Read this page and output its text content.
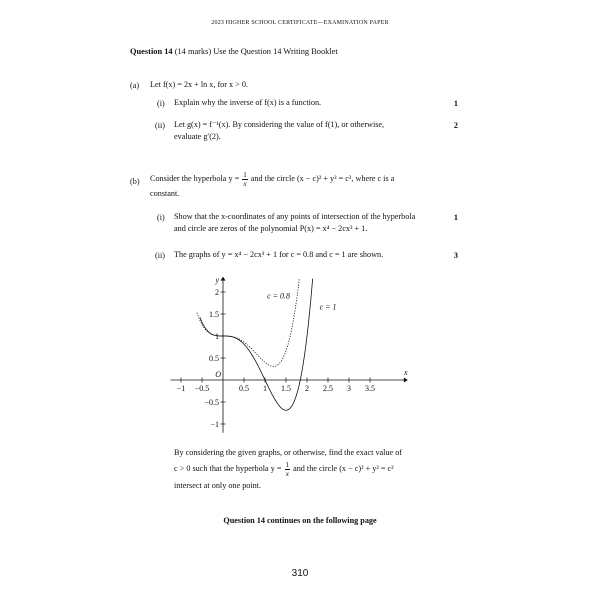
2023 HIGHER SCHOOL CERTIFICATE—EXAMINATION PAPER
Question 14 (14 marks) Use the Question 14 Writing Booklet
(a) Let f(x) = 2x + ln x, for x > 0.
(i) Explain why the inverse of f(x) is a function.	1
(ii) Let g(x) = f⁻¹(x). By considering the value of f(1), or otherwise,
evaluate g′(2).
2
(b) Consider the hyperbola $y = \frac{1}{x}$ and the circle (x − c)² + y² = c², where c is a
constant.
(i) Show that the x-coordinates of any points of intersection of the hyperbola
and circle are zeros of the polynomial P(x) = x⁴ − 2cx³ + 1.
1
(ii) The graphs of y = x⁴ − 2cx³ + 1 for c = 0.8 and c = 1 are shown.	3
−1 −0.5	0.5 1 1.5 2 2.5 3 3.5
2
1.5
1
0.5
−0.5
−1
O	x
y
c = 0.8
c = 1
By considering the given graphs, or otherwise, find the exact value of
c > 0 such that the hyperbola $y = \frac{1}{x}$ and the circle (x − c)² + y² = c²
intersect at only one point.
Question 14 continues on the following page
310
